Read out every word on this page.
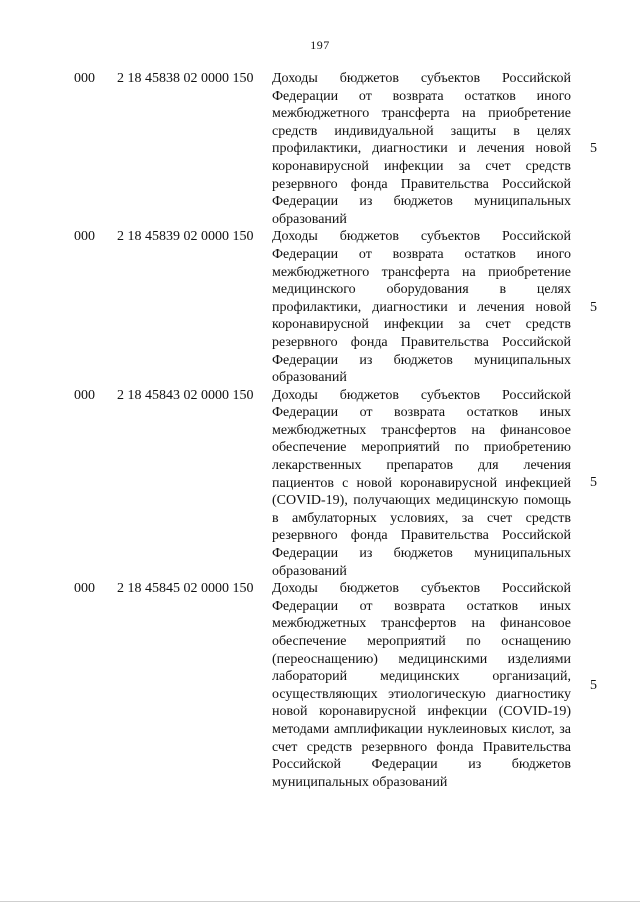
197
000 2 18 45838 02 0000 150 Доходы бюджетов субъектов Российской Федерации от возврата остатков иного межбюджетного трансферта на приобретение средств индивидуальной защиты в целях профилактики, диагностики и лечения новой коронавирусной инфекции за счет средств резервного фонда Правительства Российской Федерации из бюджетов муниципальных образований
5
000 2 18 45839 02 0000 150 Доходы бюджетов субъектов Российской Федерации от возврата остатков иного межбюджетного трансферта на приобретение медицинского оборудования в целях профилактики, диагностики и лечения новой коронавирусной инфекции за счет средств резервного фонда Правительства Российской Федерации из бюджетов муниципальных образований
5
000 2 18 45843 02 0000 150 Доходы бюджетов субъектов Российской Федерации от возврата остатков иных межбюджетных трансфертов на финансовое обеспечение мероприятий по приобретению лекарственных препаратов для лечения пациентов с новой коронавирусной инфекцией (COVID-19), получающих медицинскую помощь в амбулаторных условиях, за счет средств резервного фонда Правительства Российской Федерации из бюджетов муниципальных образований
5
000 2 18 45845 02 0000 150 Доходы бюджетов субъектов Российской Федерации от возврата остатков иных межбюджетных трансфертов на финансовое обеспечение мероприятий по оснащению (переоснащению) медицинскими изделиями лабораторий медицинских организаций, осуществляющих этиологическую диагностику новой коронавирусной инфекции (COVID-19) методами амплификации нуклеиновых кислот, за счет средств резервного фонда Правительства Российской Федерации из бюджетов муниципальных образований
5
